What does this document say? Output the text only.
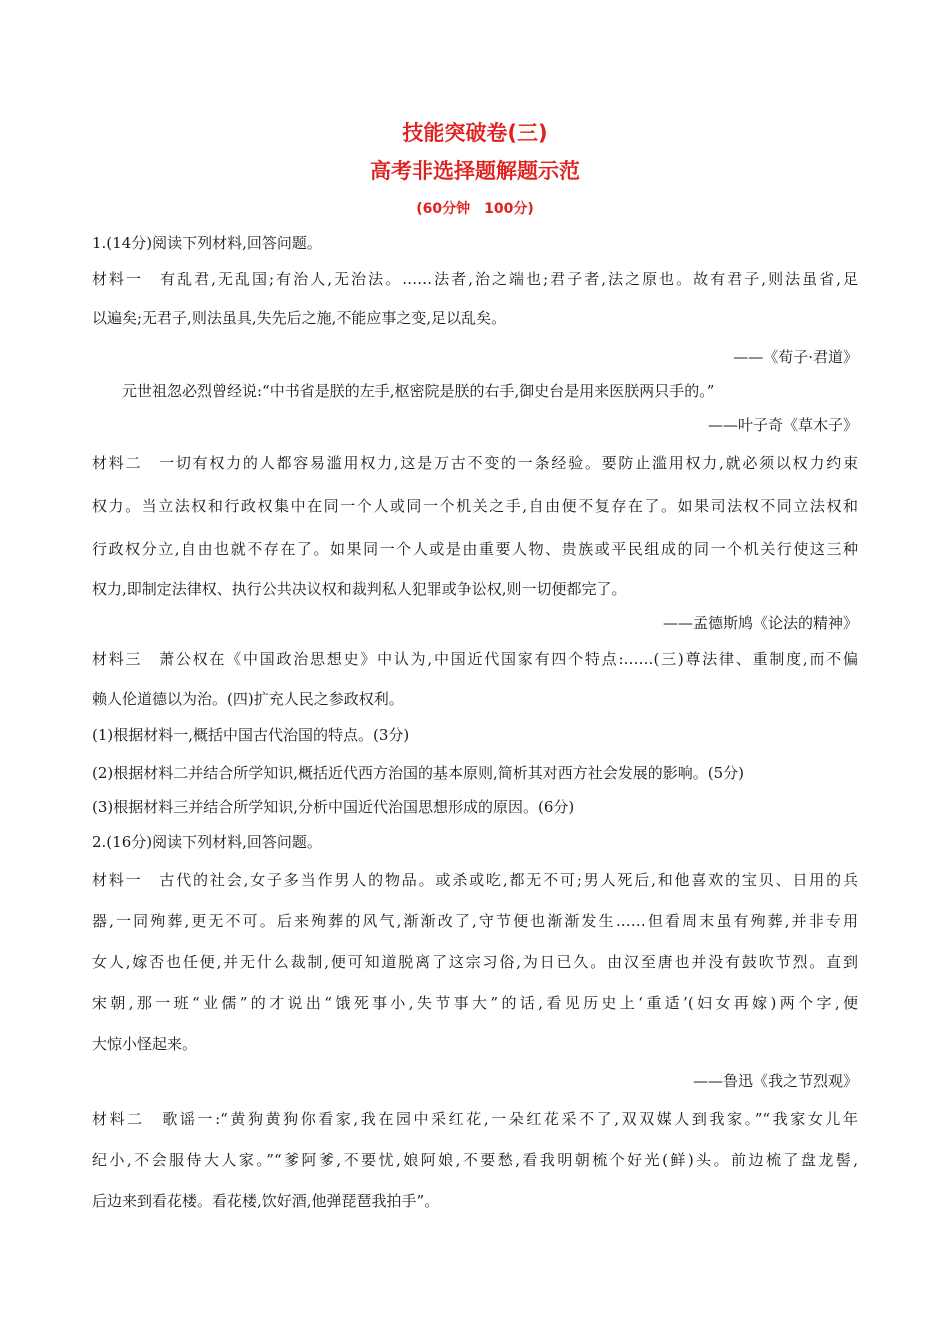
技能突破卷(三)
高考非选择题解题示范
(60分钟　100分)
1.(14分)阅读下列材料,回答问题。
材料一　有乱君,无乱国;有治人,无治法。……法者,治之端也;君子者,法之原也。故有君子,则法虽省,足
以遍矣;无君子,则法虽具,失先后之施,不能应事之变,足以乱矣。
——《荀子·君道》
元世祖忽必烈曾经说:“中书省是朕的左手,枢密院是朕的右手,御史台是用来医朕两只手的。”
——叶子奇《草木子》
材料二　一切有权力的人都容易滥用权力,这是万古不变的一条经验。要防止滥用权力,就必须以权力约束
权力。当立法权和行政权集中在同一个人或同一个机关之手,自由便不复存在了。如果司法权不同立法权和
行政权分立,自由也就不存在了。如果同一个人或是由重要人物、贵族或平民组成的同一个机关行使这三种
权力,即制定法律权、执行公共决议权和裁判私人犯罪或争讼权,则一切便都完了。
——孟德斯鸠《论法的精神》
材料三　萧公权在《中国政治思想史》中认为,中国近代国家有四个特点:……(三)尊法律、重制度,而不偏
赖人伦道德以为治。(四)扩充人民之参政权利。
(1)根据材料一,概括中国古代治国的特点。(3分)
(2)根据材料二并结合所学知识,概括近代西方治国的基本原则,简析其对西方社会发展的影响。(5分)
(3)根据材料三并结合所学知识,分析中国近代治国思想形成的原因。(6分)
2.(16分)阅读下列材料,回答问题。
材料一　古代的社会,女子多当作男人的物品。或杀或吃,都无不可;男人死后,和他喜欢的宝贝、日用的兵
器,一同殉葬,更无不可。后来殉葬的风气,渐渐改了,守节便也渐渐发生……但看周末虽有殉葬,并非专用
女人,嫁否也任便,并无什么裁制,便可知道脱离了这宗习俗,为日已久。由汉至唐也并没有鼓吹节烈。直到
宋朝,那一班“业儒”的才说出“饿死事小,失节事大”的话,看见历史上‘重适’(妇女再嫁)两个字,便
大惊小怪起来。
——鲁迅《我之节烈观》
材料二　歌谣一:“黄狗黄狗你看家,我在园中采红花,一朵红花采不了,双双媒人到我家。”“我家女儿年
纪小,不会服侍大人家。”“爹阿爹,不要忧,娘阿娘,不要愁,看我明朝梳个好光(鲜)头。前边梳了盘龙髻,
后边来到看花楼。看花楼,饮好酒,他弹琵琶我拍手”。
